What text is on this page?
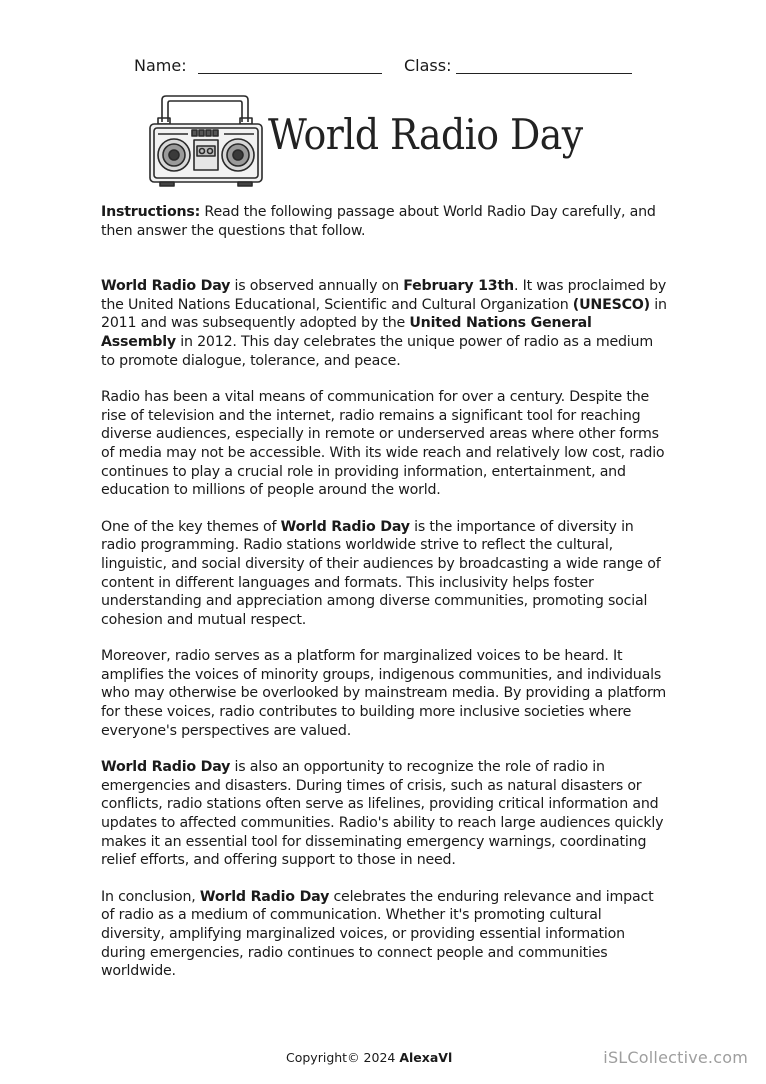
Name:	Class:
World Radio Day

Instructions: Read the following passage about World Radio Day carefully, and then answer the questions that follow.

World Radio Day is observed annually on February 13th. It was proclaimed by the United Nations Educational, Scientific and Cultural Organization (UNESCO) in 2011 and was subsequently adopted by the United Nations General Assembly in 2012. This day celebrates the unique power of radio as a medium to promote dialogue, tolerance, and peace.

Radio has been a vital means of communication for over a century. Despite the rise of television and the internet, radio remains a significant tool for reaching diverse audiences, especially in remote or underserved areas where other forms of media may not be accessible. With its wide reach and relatively low cost, radio continues to play a crucial role in providing information, entertainment, and education to millions of people around the world.

One of the key themes of World Radio Day is the importance of diversity in radio programming. Radio stations worldwide strive to reflect the cultural, linguistic, and social diversity of their audiences by broadcasting a wide range of content in different languages and formats. This inclusivity helps foster understanding and appreciation among diverse communities, promoting social cohesion and mutual respect.

Moreover, radio serves as a platform for marginalized voices to be heard. It amplifies the voices of minority groups, indigenous communities, and individuals who may otherwise be overlooked by mainstream media. By providing a platform for these voices, radio contributes to building more inclusive societies where everyone's perspectives are valued.

World Radio Day is also an opportunity to recognize the role of radio in emergencies and disasters. During times of crisis, such as natural disasters or conflicts, radio stations often serve as lifelines, providing critical information and updates to affected communities. Radio's ability to reach large audiences quickly makes it an essential tool for disseminating emergency warnings, coordinating relief efforts, and offering support to those in need.

In conclusion, World Radio Day celebrates the enduring relevance and impact of radio as a medium of communication. Whether it's promoting cultural diversity, amplifying marginalized voices, or providing essential information during emergencies, radio continues to connect people and communities worldwide.

Copyright© 2024 AlexaVl	iSLCollective.com
